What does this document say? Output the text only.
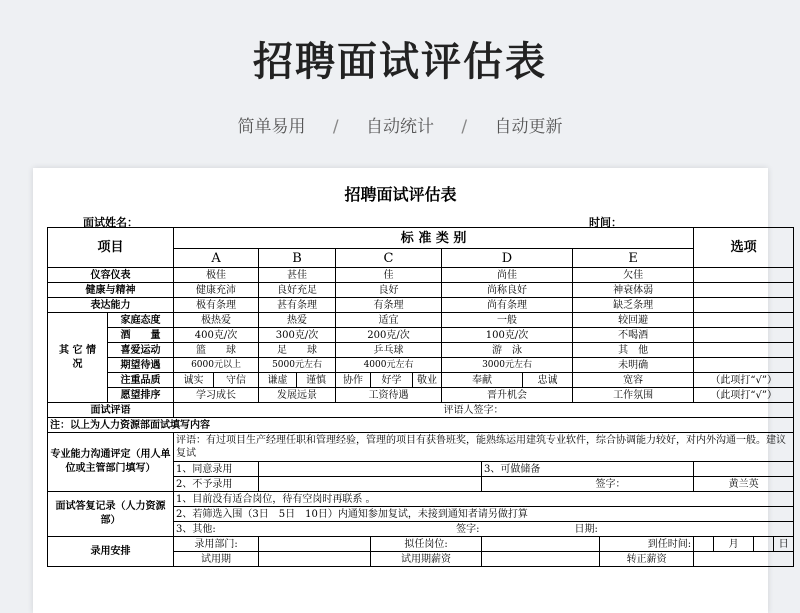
招聘面试评估表
简单易用 / 自动统计 / 自动更新
招聘面试评估表
面试姓名：	时间：
项目		标 准 类 别													选项			
		A		B		C			D			E						
仪容仪表		极佳		甚佳		佳			尚佳			欠佳						
健康与精神		健康充沛		良好充足		良好			尚称良好			神衰体弱						
表达能力		极有条理		甚有条理		有条理			尚有条理			缺乏条理						
其 它 情 况	家庭态度	极热爱		热爱		适宜			一般			较回避						
	酒　　量	400克/次		300克/次		200克/次			100克/次			不喝酒						
	喜爱运动	篮　　球		足　　球		乒乓球			游　泳			其　他						
	期望待遇	6000元以上		5000元左右		4000元左右			3000元左右			未明确						
	注重品质	诚实	守信	谦虚	谨慎	协作	好学	敬业	奉献		忠诚	宽容			（此项打“√”）			
	愿望排序	学习成长		发展远景		工资待遇			晋升机会			工作氛围			（此项打“√”）			
面试评语									评语人签字：									
注：以上为人力资源部面试填写内容																		
专业能力沟通评定（用人单位或主管部门填写）		评语：有过项目生产经理任职和管理经验，管理的项目有获鲁班奖，能熟练运用建筑专业软件，综合协调能力较好，对内外沟通一般。建议复试																
		1、同意录用								3、可做储备								
		2、不予录用								签字：					黄兰英			
面试答复记录（人力资源部）		1、目前没有适合岗位，待有空岗时再联系 。																
		2、若筛选入围（3日　5日　10日）内通知参加复试，未接到通知者请另做打算																
		3、其他:				签字:						日期:						
录用安排		录用部门:					拟任岗位:						到任时间:			月		日
		试用期					试用期薪资						转正薪资					
